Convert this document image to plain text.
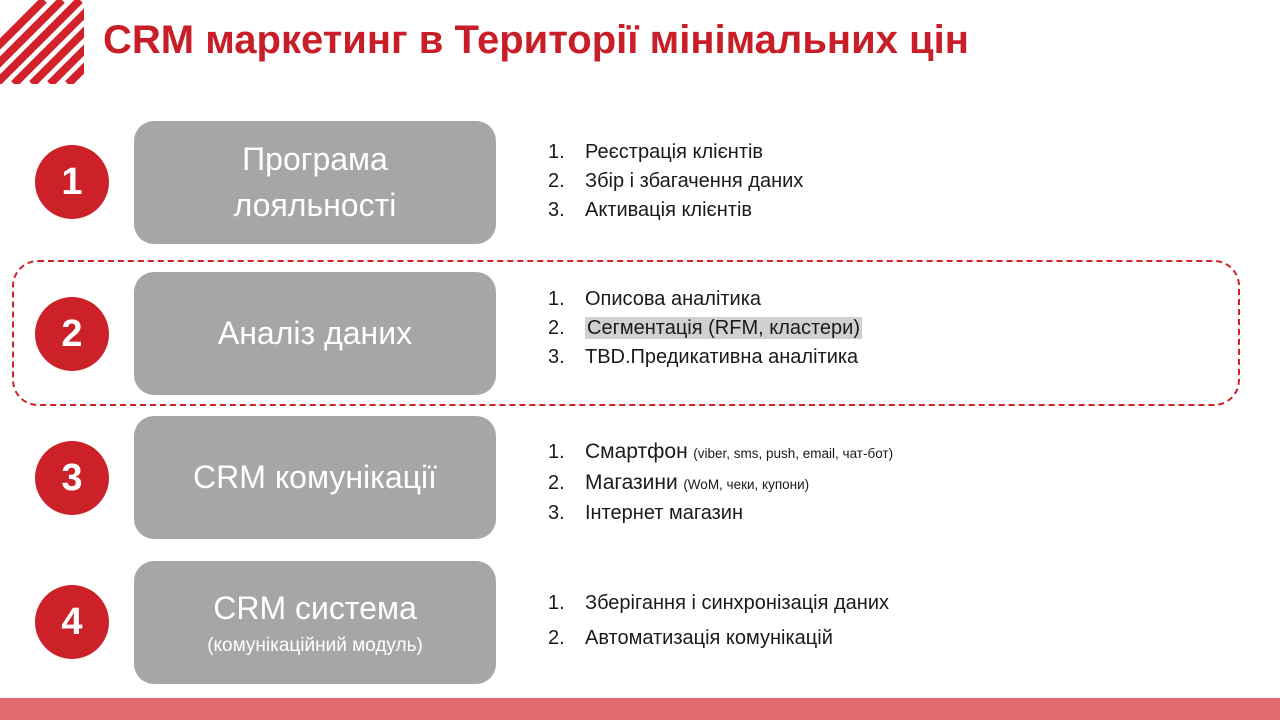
CRM маркетинг в Території мінімальних цін
1
Програма лояльності
1. Реєстрація клієнтів
2. Збір і збагачення даних
3. Активація клієнтів
2	Аналіз даних
1. Описова аналітика
2. Сегментація (RFM, кластери)
3. TBD.Предикативна аналітика
3	CRM комунікації
1. Смартфон (viber, sms, push, email, чат-бот)
2. Магазини (WoM, чеки, купони)
3. Інтернет магазин
4	CRM система
(комунікаційний модуль)
1. Зберігання і синхронізація даних
2. Автоматизація комунікацій
